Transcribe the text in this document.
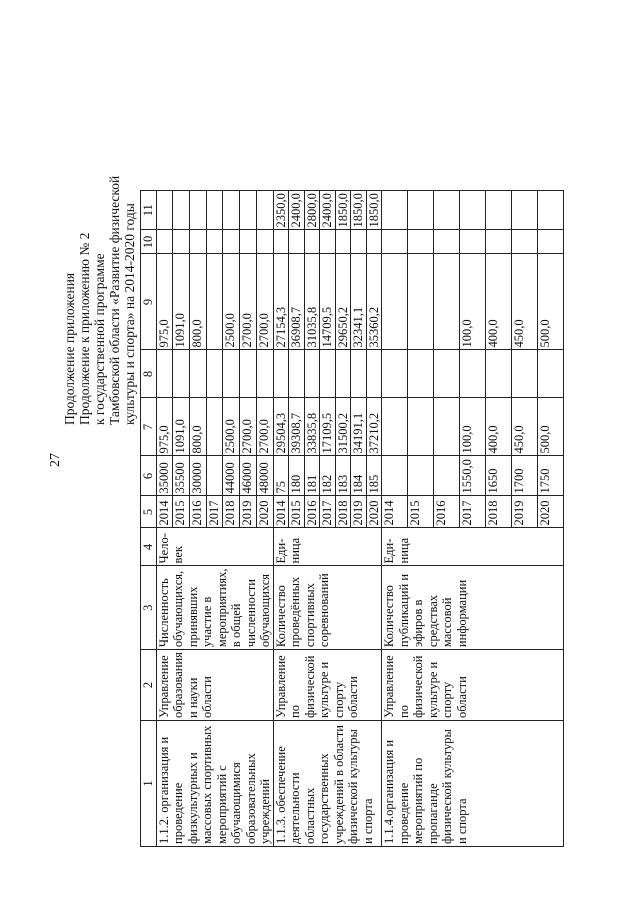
27
Продолжение приложения Продолжение к приложению № 2 к государственной программе Тамбовской области «Развитие физической культуры и спорта» на 2014-2020 годы
1	2	3	4	5	6	7	8	9	10	11
1.1.2. организация и проведение физкультурных и массовых спортивных мероприятий с обучающимися образовательных учреждений	Управление образования и науки области	Численность обучающихся, принявших участие в мероприятиях, в общей численности обучающихся	Чело-век	2014	35000	975,0		975,0		
				2015	35500	1091,0		1091,0		
				2016	30000	800,0		800,0		
				2017						
				2018	44000	2500,0		2500,0		
				2019	46000	2700,0		2700,0		
				2020	48000	2700,0		2700,0		
1.1.3. обеспечение деятельности областных государственных учреждений в области физической культуры и спорта	Управление по физической культуре и спорту области	Количество проведённых спортивных соревнований	Еди-ница	2014	75	29504,3		27154,3		2350,0
				2015	180	39308,7		36908,7		2400,0
				2016	181	33835,8		31035,8		2800,0
				2017	182	17109,5		14709,5		2400,0
				2018	183	31500,2		29650,2		1850,0
				2019	184	34191,1		32341,1		1850,0
				2020	185	37210,2		35360,2		1850,0
1.1.4.организация и проведение мероприятий по пропаганде физической культуры и спорта	Управление по физической культуре и спорту области	Количество публикаций и эфиров в средствах массовой информации	Еди-ница	2014						
				2015						
				2016						
				2017	1550,0	100,0		100,0		
				2018	1650	400,0		400,0		
				2019	1700	450,0		450,0		
				2020	1750	500,0		500,0		
